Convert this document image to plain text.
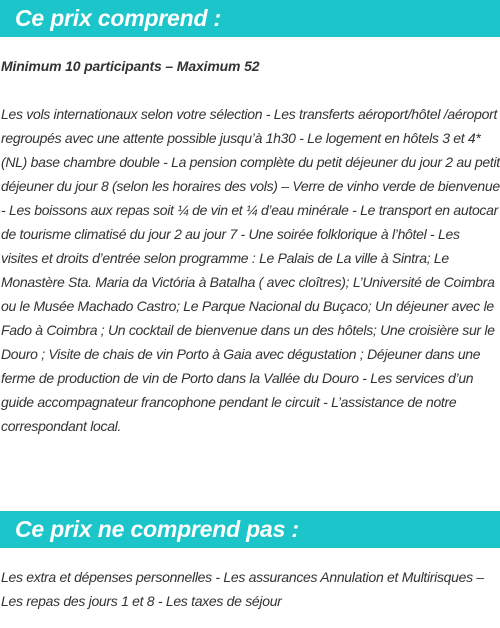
Ce prix comprend :

Minimum 10 participants – Maximum 52

Les vols internationaux selon votre sélection - Les transferts aéroport/hôtel /aéroport regroupés avec une attente possible jusqu’à 1h30 - Le logement en hôtels 3 et 4* (NL) base chambre double - La pension complète du petit déjeuner du jour 2 au petit déjeuner du jour 8 (selon les horaires des vols) – Verre de vinho verde de bienvenue - Les boissons aux repas soit ¼ de vin et ¼ d’eau minérale - Le transport en autocar de tourisme climatisé du jour 2 au jour 7 - Une soirée folklorique à l’hôtel - Les visites et droits d’entrée selon programme : Le Palais de La ville à Sintra; Le Monastère Sta. Maria da Victória à Batalha ( avec cloîtres); L’Université de Coimbra ou le Musée Machado Castro; Le Parque Nacional du Buçaco; Un déjeuner avec le Fado à Coimbra ; Un cocktail de bienvenue dans un des hôtels; Une croisière sur le Douro ; Visite de chais de vin Porto à Gaia avec dégustation ; Déjeuner dans une ferme de production de vin de Porto dans la Vallée du Douro - Les services d’un guide accompagnateur francophone pendant le circuit - L’assistance de notre correspondant local.

Ce prix ne comprend pas :

Les extra et dépenses personnelles - Les assurances Annulation et Multirisques – Les repas des jours 1 et 8 - Les taxes de séjour
